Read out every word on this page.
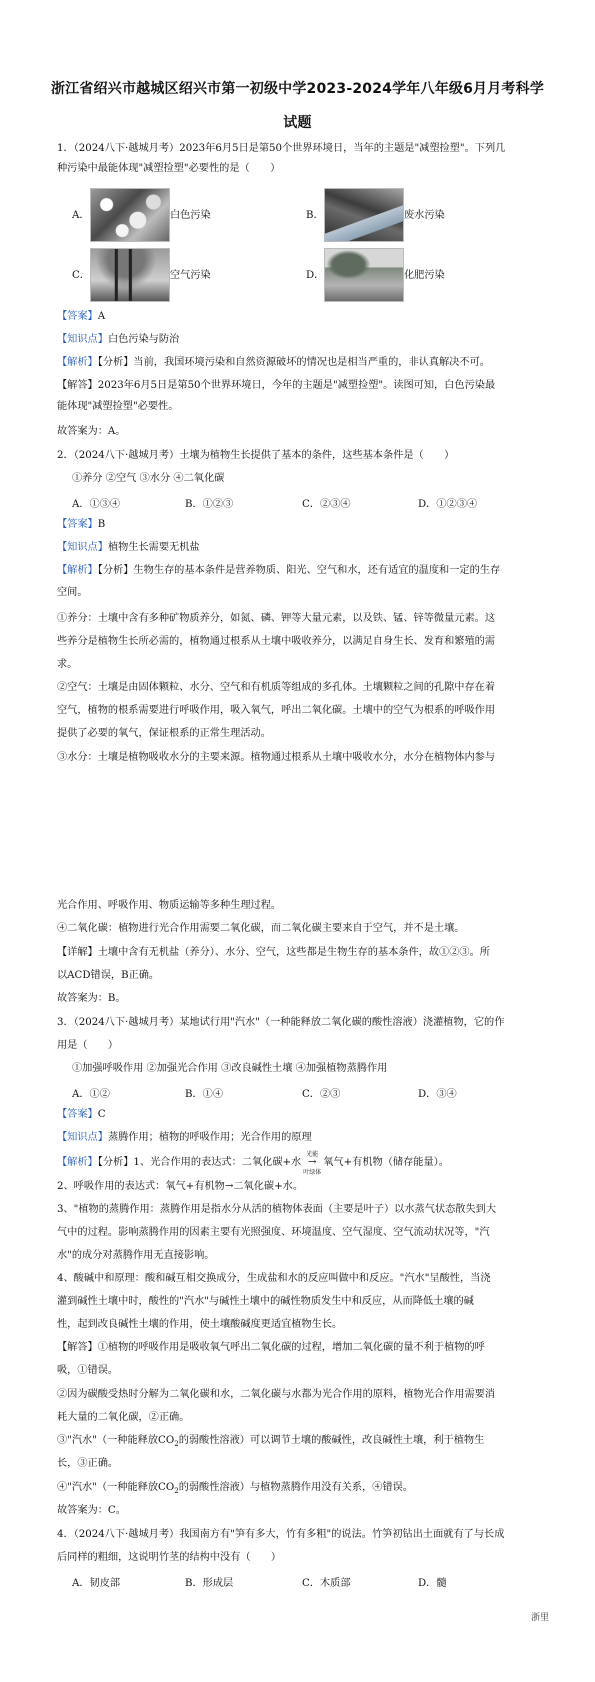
浙江省绍兴市越城区绍兴市第一初级中学2023-2024学年八年级6月月考科学
试题
1．（2024八下·越城月考）2023年6月5日是第50个世界环境日，当年的主题是"减塑捡塑"。下列几
种污染中最能体现"减塑捡塑"必要性的是（　　）
A．	白色污染	B．	废水污染
C．	空气污染	D．	化肥污染
【答案】A
【知识点】白色污染与防治
【解析】【分析】当前，我国环境污染和自然资源破坏的情况也是相当严重的，非认真解决不可。
【解答】2023年6月5日是第50个世界环境日，今年的主题是"减塑捡塑"。读图可知，白色污染最
能体现"减塑捡塑"必要性。
故答案为：A。
2．（2024八下·越城月考）土壤为植物生长提供了基本的条件，这些基本条件是（　　）
①养分 ②空气 ③水分 ④二氧化碳
A．①③④	B．①②③	C．②③④	D．①②③④
【答案】B
【知识点】植物生长需要无机盐
【解析】【分析】生物生存的基本条件是营养物质、阳光、空气和水，还有适宜的温度和一定的生存
空间。
①养分：土壤中含有多种矿物质养分，如氮、磷、钾等大量元素，以及铁、锰、锌等微量元素。这
些养分是植物生长所必需的，植物通过根系从土壤中吸收养分，以满足自身生长、发育和繁殖的需
求。
②空气：土壤是由固体颗粒、水分、空气和有机质等组成的多孔体。土壤颗粒之间的孔隙中存在着
空气，植物的根系需要进行呼吸作用，吸入氧气，呼出二氧化碳。土壤中的空气为根系的呼吸作用
提供了必要的氧气，保证根系的正常生理活动。
③水分：土壤是植物吸收水分的主要来源。植物通过根系从土壤中吸收水分，水分在植物体内参与
光合作用、呼吸作用、物质运输等多种生理过程。
④二氧化碳：植物进行光合作用需要二氧化碳，而二氧化碳主要来自于空气，并不是土壤。
【详解】土壤中含有无机盐（养分）、水分、空气，这些都是生物生存的基本条件，故①②③。所
以ACD错误，B正确。
故答案为：B。
3．（2024八下·越城月考）某地试行用"汽水"（一种能释放二氧化碳的酸性溶液）浇灌植物，它的作
用是（　　）
①加强呼吸作用 ②加强光合作用 ③改良碱性土壤 ④加强植物蒸腾作用
A．①②	B．①④	C．②③	D．③④
【答案】C
【知识点】蒸腾作用；植物的呼吸作用；光合作用的原理
【解析】【分析】1、光合作用的表达式：二氧化碳+水
光能
→
叶绿体
氧气+有机物（储存能量）。
2、呼吸作用的表达式：氧气+有机物→二氧化碳+水。
3、"植物的蒸腾作用：蒸腾作用是指水分从活的植物体表面（主要是叶子）以水蒸气状态散失到大
气中的过程。影响蒸腾作用的因素主要有光照强度、环境温度、空气湿度、空气流动状况等，"汽
水"的成分对蒸腾作用无直接影响。
4、酸碱中和原理：酸和碱互相交换成分，生成盐和水的反应叫做中和反应。"汽水"呈酸性，当浇
灌到碱性土壤中时，酸性的"汽水"与碱性土壤中的碱性物质发生中和反应，从而降低土壤的碱
性，起到改良碱性土壤的作用，使土壤酸碱度更适宜植物生长。
【解答】①植物的呼吸作用是吸收氧气呼出二氧化碳的过程，增加二氧化碳的量不利于植物的呼
吸，①错误。
②因为碳酸受热时分解为二氧化碳和水，二氧化碳与水都为光合作用的原料，植物光合作用需要消
耗大量的二氧化碳，②正确。
③"汽水"（一种能释放$CO_2$的弱酸性溶液）可以调节土壤的酸碱性，改良碱性土壤，利于植物生
长，③正确。
④"汽水"（一种能释放$CO_2$的弱酸性溶液）与植物蒸腾作用没有关系，④错误。
故答案为：C。
4．（2024八下·越城月考）我国南方有"笋有多大，竹有多粗"的说法。竹笋初钻出土面就有了与长成
后同样的粗细，这说明竹茎的结构中没有（　　）
A．韧皮部	B．形成层	C．木质部	D．髓
浙里
